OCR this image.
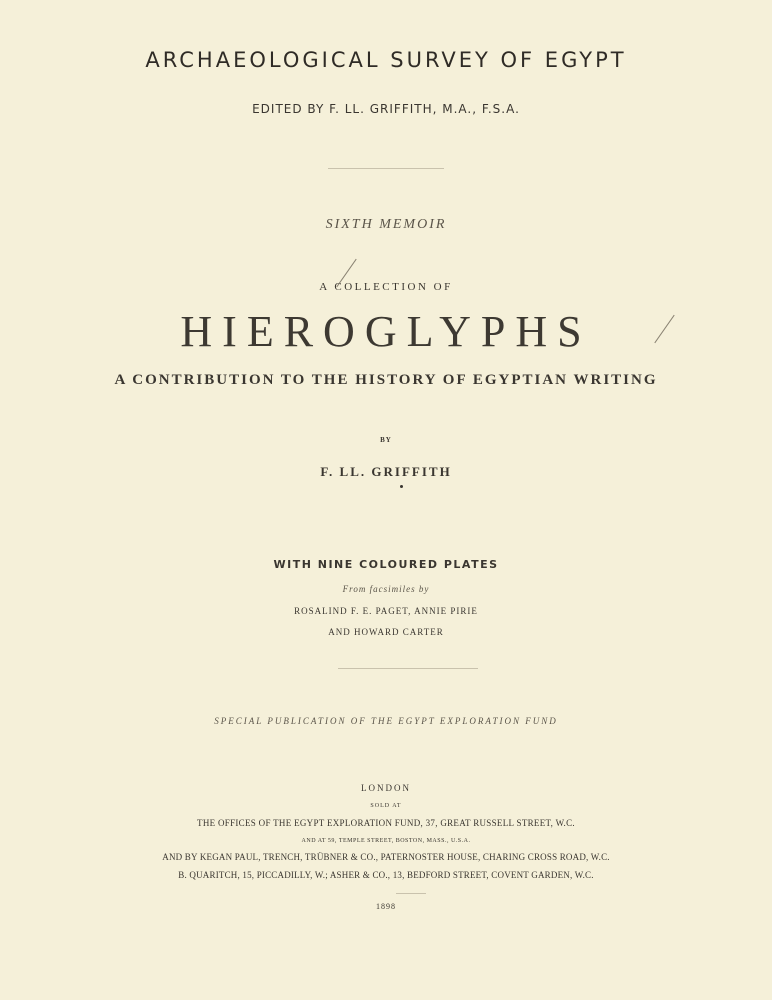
ARCHAEOLOGICAL SURVEY OF EGYPT
EDITED BY F. LL. GRIFFITH, M.A., F.S.A.
SIXTH MEMOIR
A COLLECTION OF
HIEROGLYPHS
A CONTRIBUTION TO THE HISTORY OF EGYPTIAN WRITING
BY
F. LL. GRIFFITH
WITH NINE COLOURED PLATES
From facsimiles by
ROSALIND F. E. PAGET, ANNIE PIRIE
AND HOWARD CARTER
SPECIAL PUBLICATION OF THE EGYPT EXPLORATION FUND
LONDON
SOLD AT
THE OFFICES OF THE EGYPT EXPLORATION FUND, 37, GREAT RUSSELL STREET, W.C.
AND AT 59, TEMPLE STREET, BOSTON, MASS., U.S.A.
AND BY KEGAN PAUL, TRENCH, TRÜBNER & CO., PATERNOSTER HOUSE, CHARING CROSS ROAD, W.C.
B. QUARITCH, 15, PICCADILLY, W.; ASHER & CO., 13, BEDFORD STREET, COVENT GARDEN, W.C.
1898
